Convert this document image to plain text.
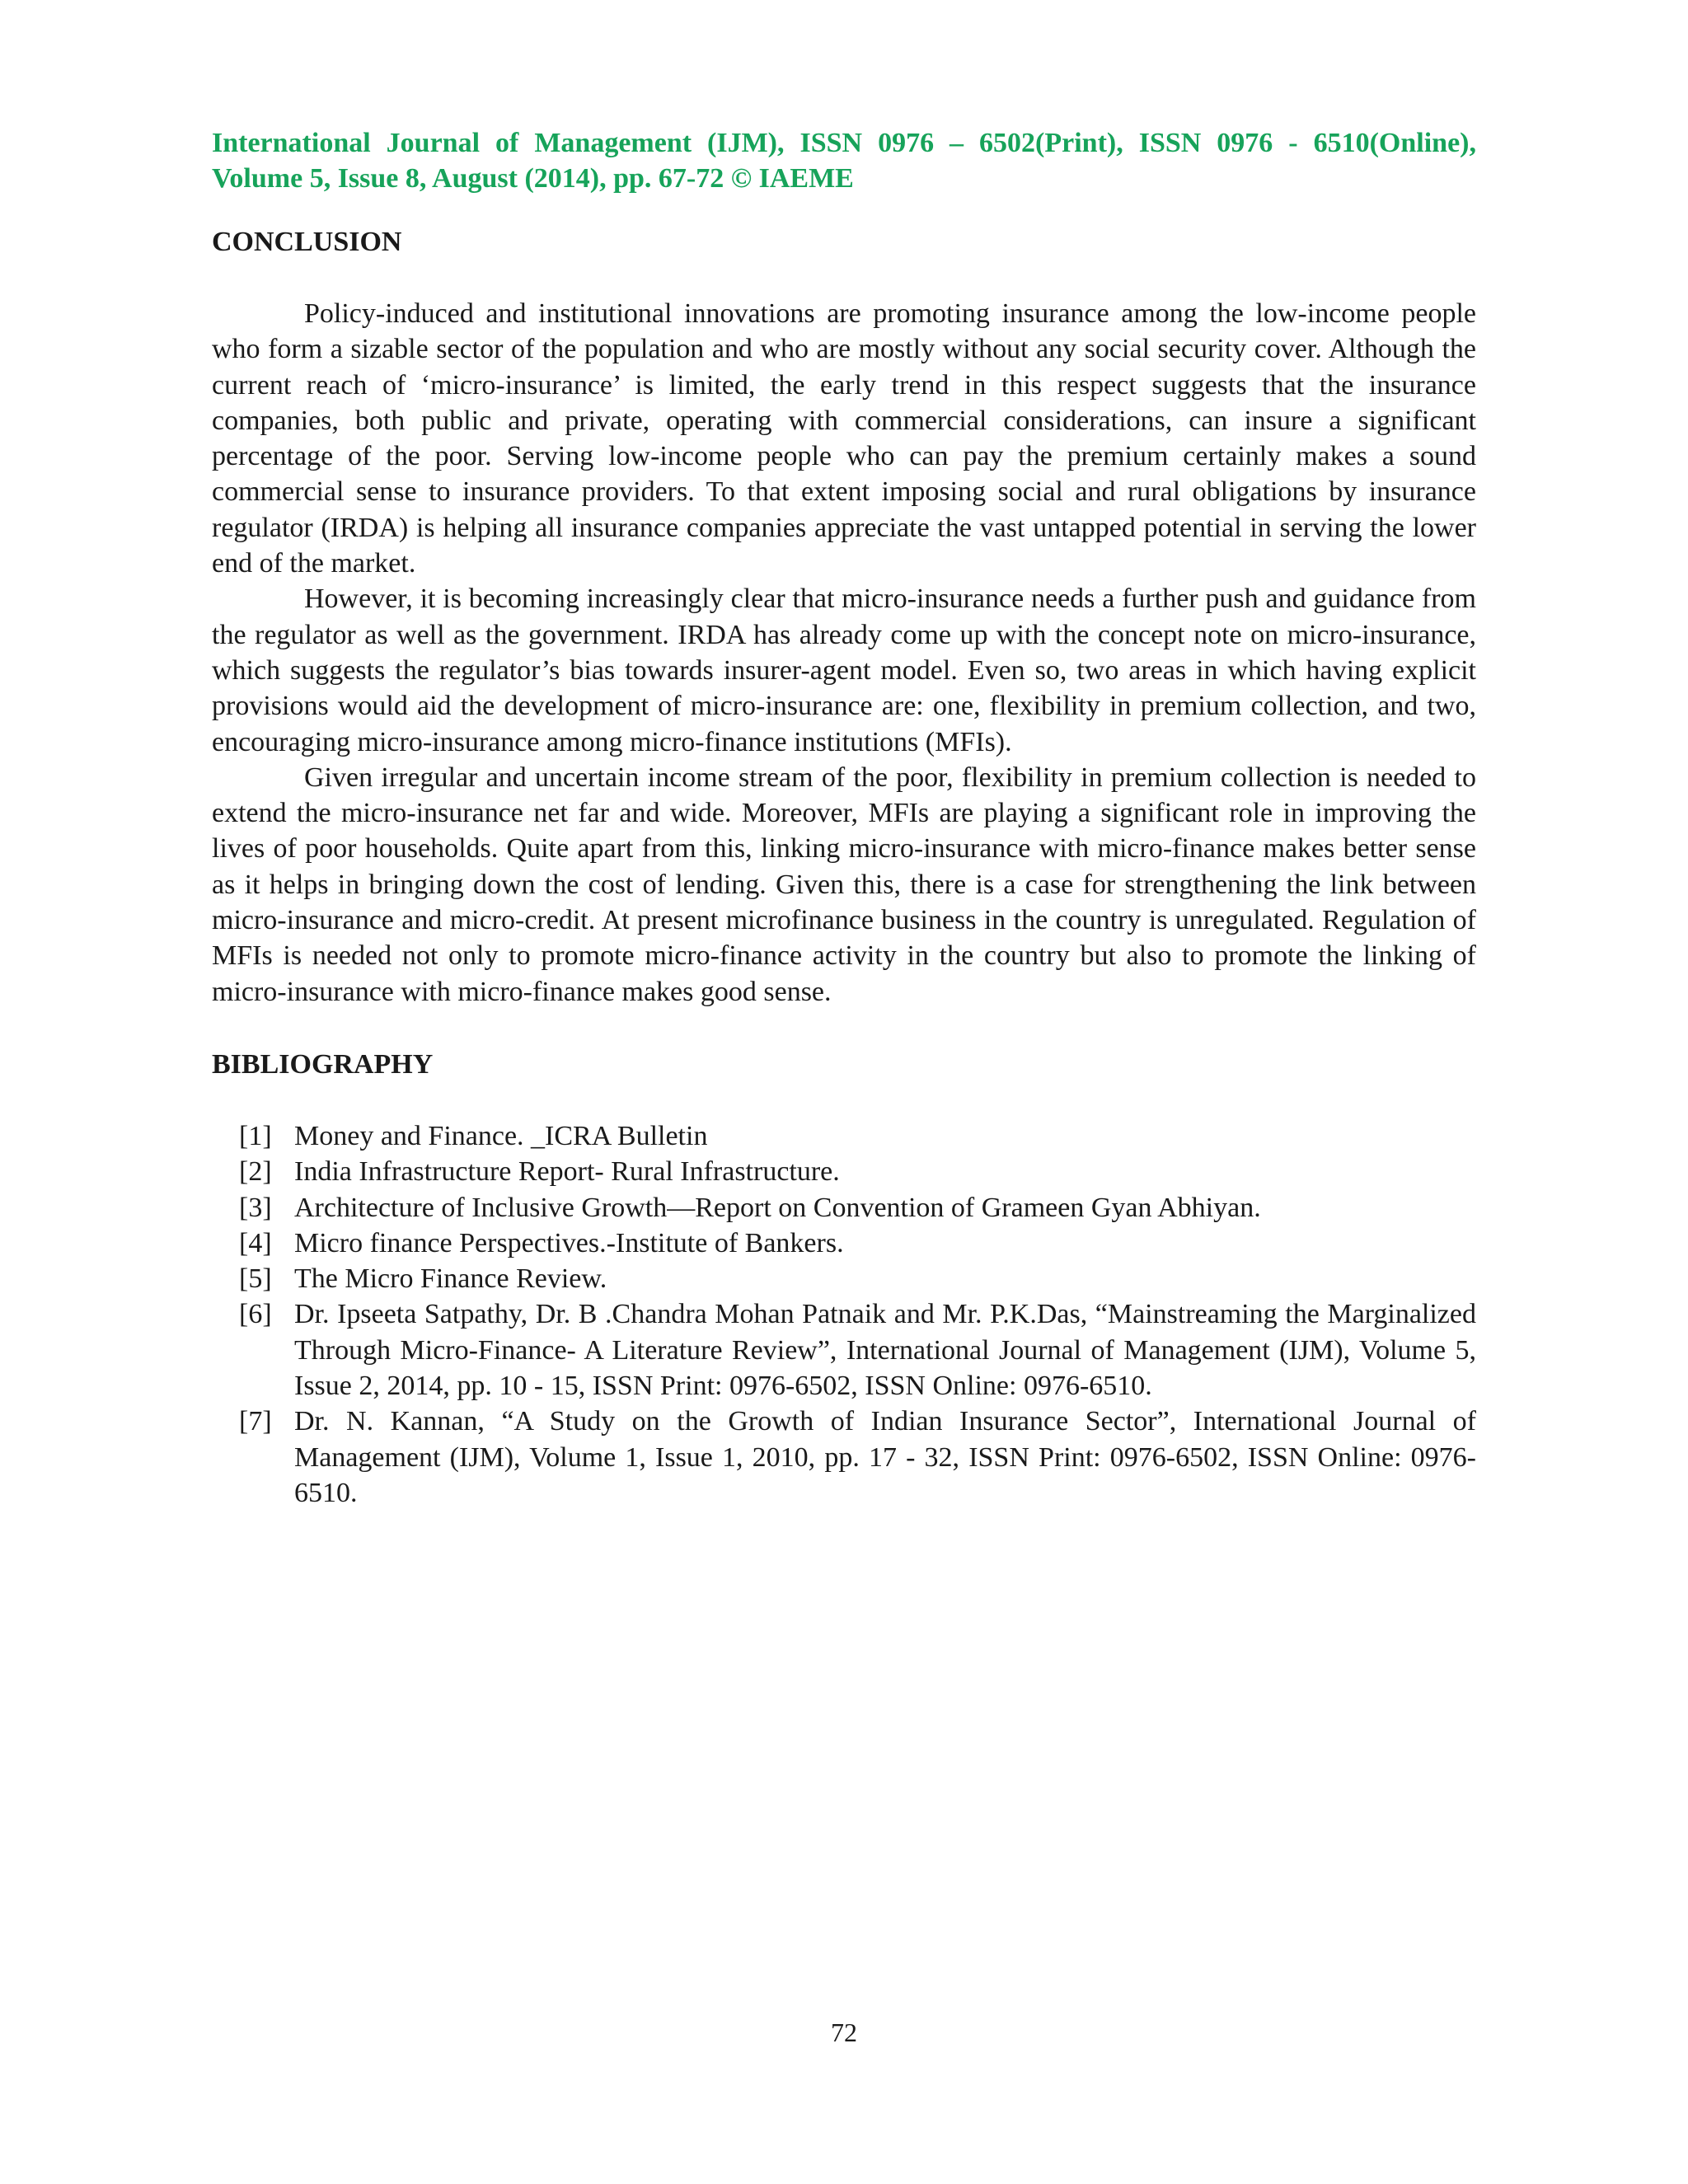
International Journal of Management (IJM), ISSN 0976 – 6502(Print), ISSN 0976 - 6510(Online),
Volume 5, Issue 8, August (2014), pp. 67-72 © IAEME
CONCLUSION

Policy-induced and institutional innovations are promoting insurance among the low-income people who form a sizable sector of the population and who are mostly without any social security cover. Although the current reach of ‘micro-insurance’ is limited, the early trend in this respect suggests that the insurance companies, both public and private, operating with commercial considerations, can insure a significant percentage of the poor. Serving low-income people who can pay the premium certainly makes a sound commercial sense to insurance providers. To that extent imposing social and rural obligations by insurance regulator (IRDA) is helping all insurance companies appreciate the vast untapped potential in serving the lower end of the market.

However, it is becoming increasingly clear that micro-insurance needs a further push and guidance from the regulator as well as the government. IRDA has already come up with the concept note on micro-insurance, which suggests the regulator’s bias towards insurer-agent model. Even so, two areas in which having explicit provisions would aid the development of micro-insurance are: one, flexibility in premium collection, and two, encouraging micro-insurance among micro-finance institutions (MFIs).

Given irregular and uncertain income stream of the poor, flexibility in premium collection is needed to extend the micro-insurance net far and wide. Moreover, MFIs are playing a significant role in improving the lives of poor households. Quite apart from this, linking micro-insurance with micro-finance makes better sense as it helps in bringing down the cost of lending. Given this, there is a case for strengthening the link between micro-insurance and micro-credit. At present microfinance business in the country is unregulated. Regulation of MFIs is needed not only to promote micro-finance activity in the country but also to promote the linking of micro-insurance with micro-finance makes good sense.

BIBLIOGRAPHY
[1] Money and Finance. _ICRA Bulletin
[2] India Infrastructure Report- Rural Infrastructure.
[3] Architecture of Inclusive Growth—Report on Convention of Grameen Gyan Abhiyan.
[4] Micro finance Perspectives.-Institute of Bankers.
[5] The Micro Finance Review.
[6] Dr. Ipseeta Satpathy, Dr. B .Chandra Mohan Patnaik and Mr. P.K.Das, “Mainstreaming the Marginalized Through Micro-Finance- A Literature Review”, International Journal of Management (IJM), Volume 5, Issue 2, 2014, pp. 10 - 15, ISSN Print: 0976-6502, ISSN Online: 0976-6510.
[7] Dr. N. Kannan, “A Study on the Growth of Indian Insurance Sector”, International Journal of Management (IJM), Volume 1, Issue 1, 2010, pp. 17 - 32, ISSN Print: 0976-6502, ISSN Online: 0976-6510.
72
